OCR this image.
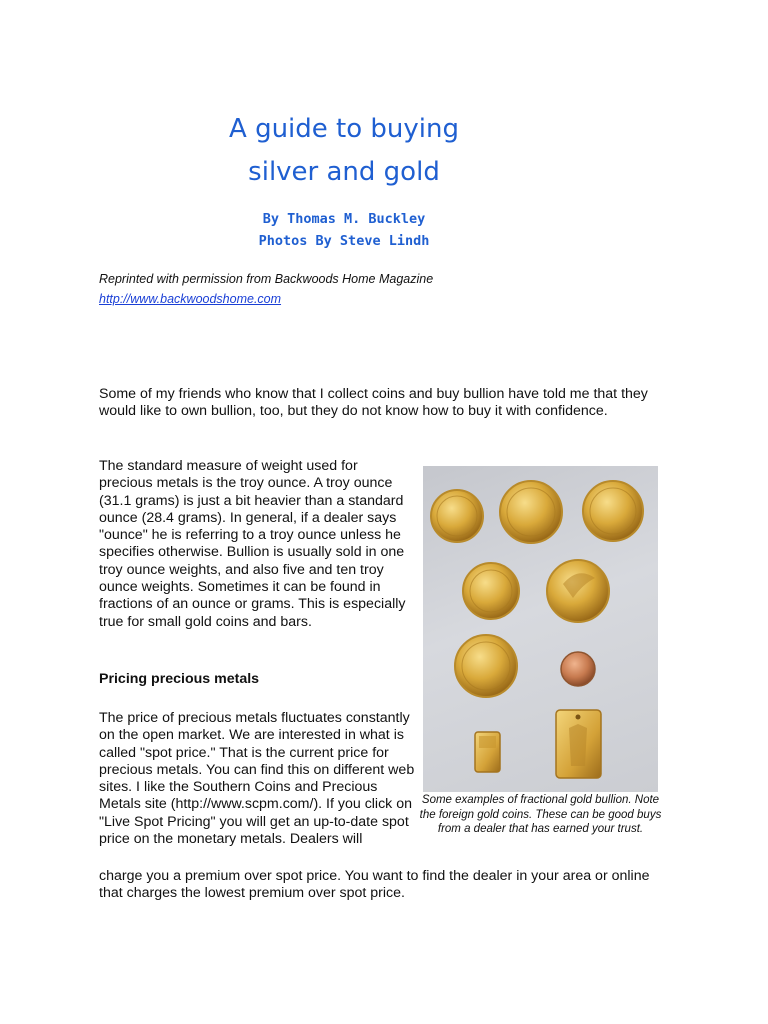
A guide to buying
silver and gold
By Thomas M. Buckley
Photos By Steve Lindh
Reprinted with permission from Backwoods Home Magazine
http://www.backwoodshome.com

Some of my friends who know that I collect coins and buy bullion have told me that they would like to own bullion, too, but they do not know how to buy it with confidence.

The standard measure of weight used for precious metals is the troy ounce. A troy ounce (31.1 grams) is just a bit heavier than a standard ounce (28.4 grams). In general, if a dealer says "ounce" he is referring to a troy ounce unless he specifies otherwise. Bullion is usually sold in one troy ounce weights, and also five and ten troy ounce weights. Sometimes it can be found in fractions of an ounce or grams. This is especially true for small gold coins and bars.

Some examples of fractional gold bullion. Note the foreign gold coins. These can be good buys from a dealer that has earned your trust.

Pricing precious metals

The price of precious metals fluctuates constantly on the open market. We are interested in what is called "spot price." That is the current price for precious metals. You can find this on different web sites. I like the Southern Coins and Precious Metals site (http://www.scpm.com/). If you click on "Live Spot Pricing" you will get an up-to-date spot price on the monetary metals. Dealers will

charge you a premium over spot price. You want to find the dealer in your area or online that charges the lowest premium over spot price.
